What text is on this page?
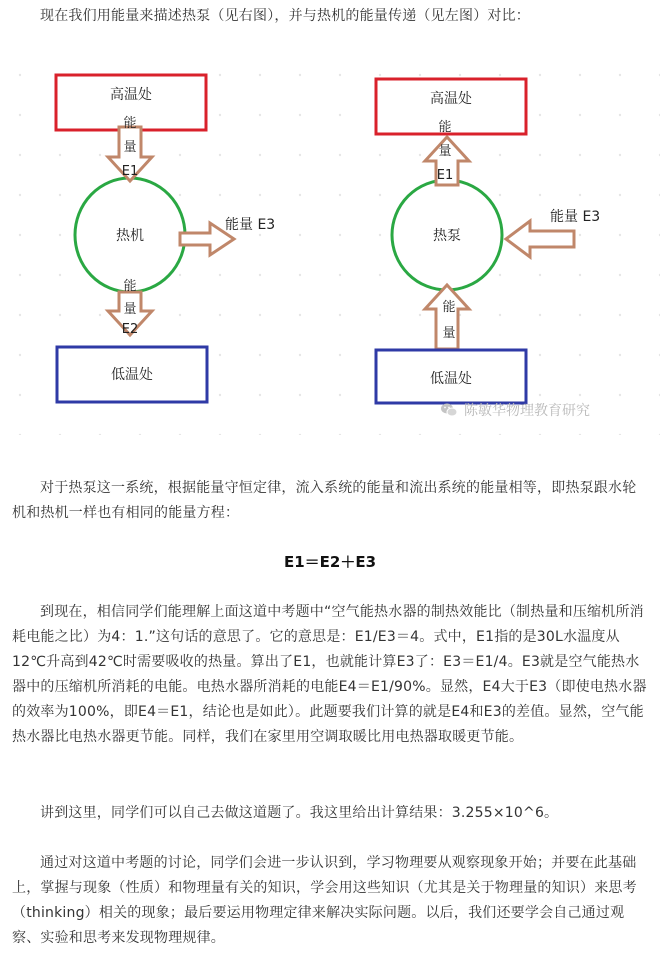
现在我们用能量来描述热泵（见右图），并与热机的能量传递（见左图）对比：

高温处
热机
能
量
E1
能量 E3
能
量
E2
低温处
高温处
热泵
能
量
E1
能量 E3
能
量
低温处
陈敏华物理教育研究

对于热泵这一系统，根据能量守恒定律，流入系统的能量和流出系统的能量相等，即热泵跟水轮机和热机一样也有相同的能量方程：

E1＝E2＋E3

到现在，相信同学们能理解上面这道中考题中“空气能热水器的制热效能比（制热量和压缩机所消耗电能之比）为4：1.”这句话的意思了。它的意思是：E1/E3＝4。式中，E1指的是30L水温度从12℃升高到42℃时需要吸收的热量。算出了E1，也就能计算E3了：E3＝E1/4。E3就是空气能热水器中的压缩机所消耗的电能。电热水器所消耗的电能E4＝E1/90%。显然，E4大于E3（即使电热水器的效率为100%，即E4＝E1，结论也是如此）。此题要我们计算的就是E4和E3的差值。显然，空气能热水器比电热水器更节能。同样，我们在家里用空调取暖比用电热器取暖更节能。

讲到这里，同学们可以自己去做这道题了。我这里给出计算结果：3.255×10^6。

通过对这道中考题的讨论，同学们会进一步认识到，学习物理要从观察现象开始；并要在此基础上，掌握与现象（性质）和物理量有关的知识，学会用这些知识（尤其是关于物理量的知识）来思考（thinking）相关的现象；最后要运用物理定律来解决实际问题。以后，我们还要学会自己通过观察、实验和思考来发现物理规律。
